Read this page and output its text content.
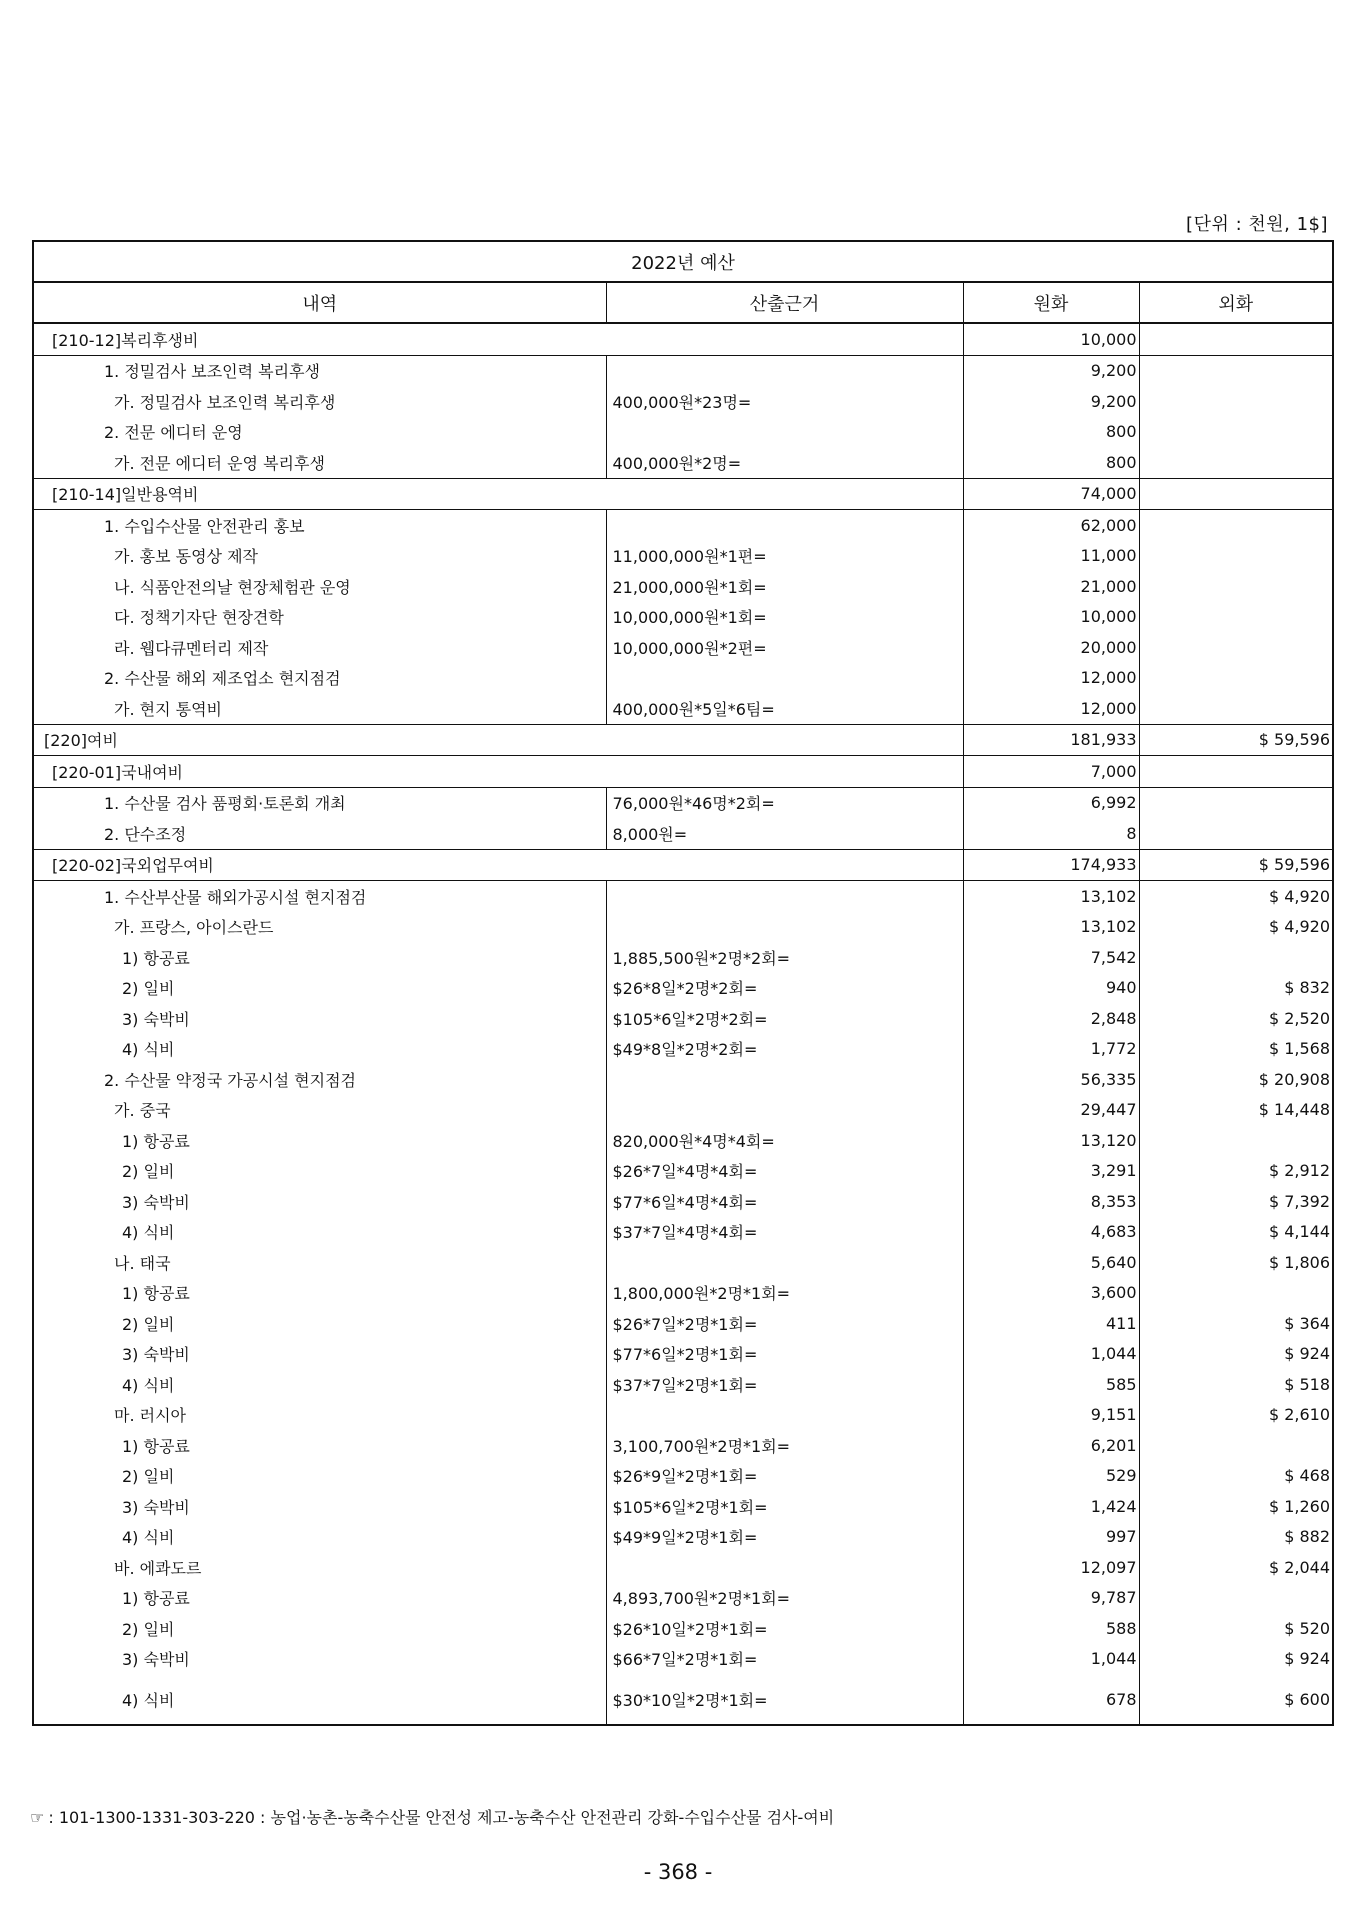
[단위 : 천원, 1$]
2022년 예산			
내역	산출근거	원화	외화
[210-12]복리후생비		10,000	
1. 정밀검사 보조인력 복리후생		9,200	
가. 정밀검사 보조인력 복리후생	400,000원*23명=	9,200	
2. 전문 에디터 운영		800	
가. 전문 에디터 운영 복리후생	400,000원*2명=	800	
[210-14]일반용역비		74,000	
1. 수입수산물 안전관리 홍보		62,000	
가. 홍보 동영상 제작	11,000,000원*1편=	11,000	
나. 식품안전의날 현장체험관 운영	21,000,000원*1회=	21,000	
다. 정책기자단 현장견학	10,000,000원*1회=	10,000	
라. 웹다큐멘터리 제작	10,000,000원*2편=	20,000	
2. 수산물 해외 제조업소 현지점검		12,000	
가. 현지 통역비	400,000원*5일*6팀=	12,000	
[220]여비		181,933	$ 59,596
[220-01]국내여비		7,000	
1. 수산물 검사 품평회·토론회 개최	76,000원*46명*2회=	6,992	
2. 단수조정	8,000원=	8	
[220-02]국외업무여비		174,933	$ 59,596
1. 수산부산물 해외가공시설 현지점검		13,102	$ 4,920
가. 프랑스, 아이스란드		13,102	$ 4,920
1) 항공료	1,885,500원*2명*2회=	7,542	
2) 일비	$26*8일*2명*2회=	940	$ 832
3) 숙박비	$105*6일*2명*2회=	2,848	$ 2,520
4) 식비	$49*8일*2명*2회=	1,772	$ 1,568
2. 수산물 약정국 가공시설 현지점검		56,335	$ 20,908
가. 중국		29,447	$ 14,448
1) 항공료	820,000원*4명*4회=	13,120	
2) 일비	$26*7일*4명*4회=	3,291	$ 2,912
3) 숙박비	$77*6일*4명*4회=	8,353	$ 7,392
4) 식비	$37*7일*4명*4회=	4,683	$ 4,144
나. 태국		5,640	$ 1,806
1) 항공료	1,800,000원*2명*1회=	3,600	
2) 일비	$26*7일*2명*1회=	411	$ 364
3) 숙박비	$77*6일*2명*1회=	1,044	$ 924
4) 식비	$37*7일*2명*1회=	585	$ 518
마. 러시아		9,151	$ 2,610
1) 항공료	3,100,700원*2명*1회=	6,201	
2) 일비	$26*9일*2명*1회=	529	$ 468
3) 숙박비	$105*6일*2명*1회=	1,424	$ 1,260
4) 식비	$49*9일*2명*1회=	997	$ 882
바. 에콰도르		12,097	$ 2,044
1) 항공료	4,893,700원*2명*1회=	9,787	
2) 일비	$26*10일*2명*1회=	588	$ 520
3) 숙박비	$66*7일*2명*1회=	1,044	$ 924
4) 식비	$30*10일*2명*1회=	678	$ 600
☞ : 101-1300-1331-303-220 : 농업·농촌-농축수산물 안전성 제고-농축수산 안전관리 강화-수입수산물 검사-여비
- 368 -
